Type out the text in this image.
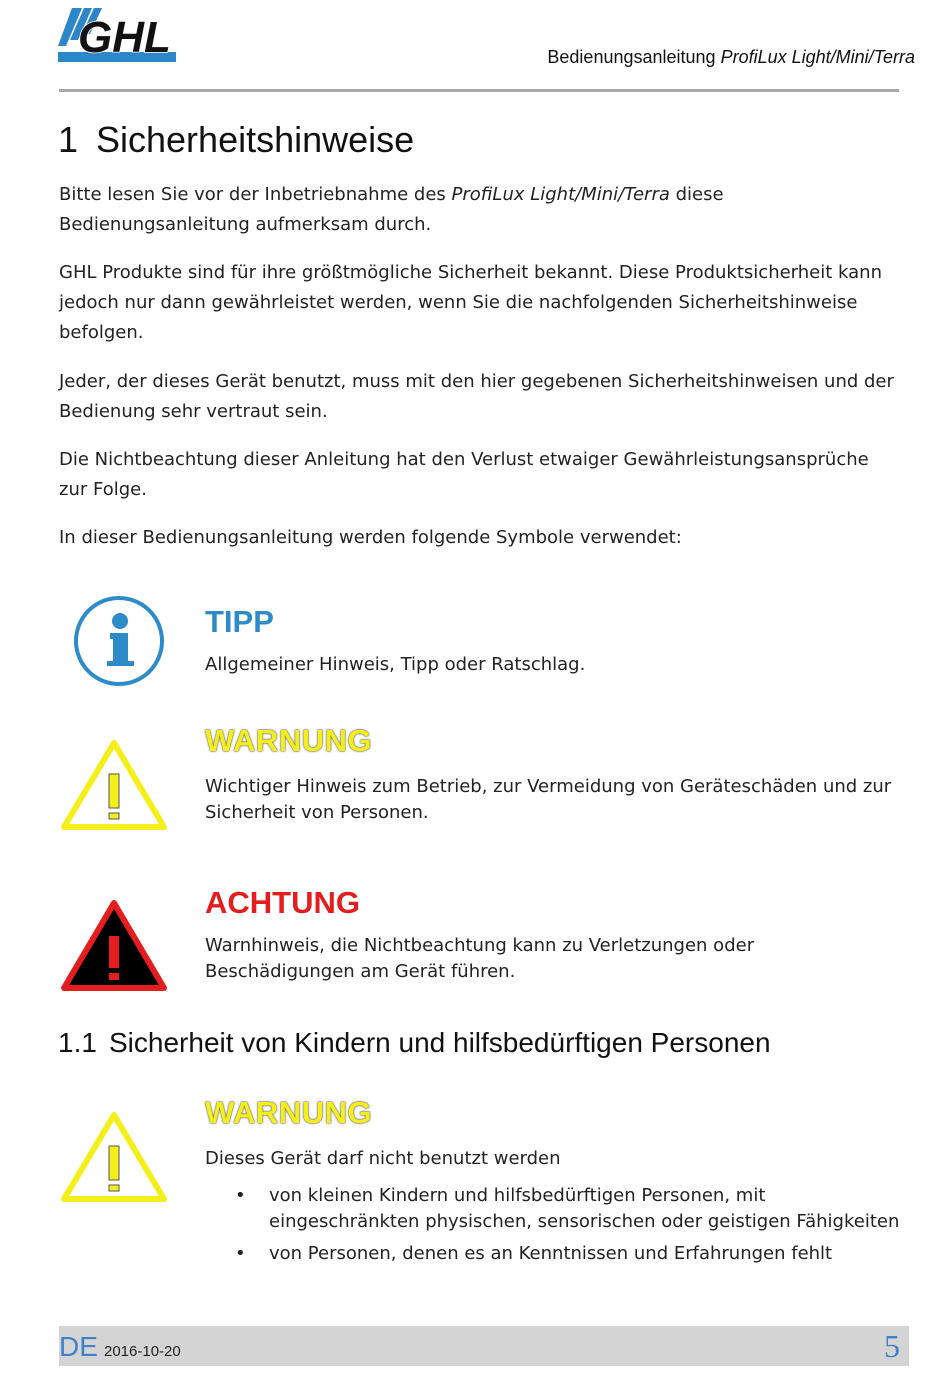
GHL	Bedienungsanleitung ProfiLux Light/Mini/Terra
1 Sicherheitshinweise
Bitte lesen Sie vor der Inbetriebnahme des ProfiLux Light/Mini/Terra diese Bedienungsanleitung aufmerksam durch.
GHL Produkte sind für ihre größtmögliche Sicherheit bekannt. Diese Produktsicherheit kann jedoch nur dann gewährleistet werden, wenn Sie die nachfolgenden Sicherheitshinweise befolgen.
Jeder, der dieses Gerät benutzt, muss mit den hier gegebenen Sicherheitshinweisen und der Bedienung sehr vertraut sein.
Die Nichtbeachtung dieser Anleitung hat den Verlust etwaiger Gewährleistungsansprüche zur Folge.
In dieser Bedienungsanleitung werden folgende Symbole verwendet:
TIPP
Allgemeiner Hinweis, Tipp oder Ratschlag.
WARNUNG
Wichtiger Hinweis zum Betrieb, zur Vermeidung von Geräteschäden und zur Sicherheit von Personen.
ACHTUNG
Warnhinweis, die Nichtbeachtung kann zu Verletzungen oder Beschädigungen am Gerät führen.
1.1 Sicherheit von Kindern und hilfsbedürftigen Personen
WARNUNG
Dieses Gerät darf nicht benutzt werden
• von kleinen Kindern und hilfsbedürftigen Personen, mit eingeschränkten physischen, sensorischen oder geistigen Fähigkeiten
• von Personen, denen es an Kenntnissen und Erfahrungen fehlt
DE 2016-10-20	5
